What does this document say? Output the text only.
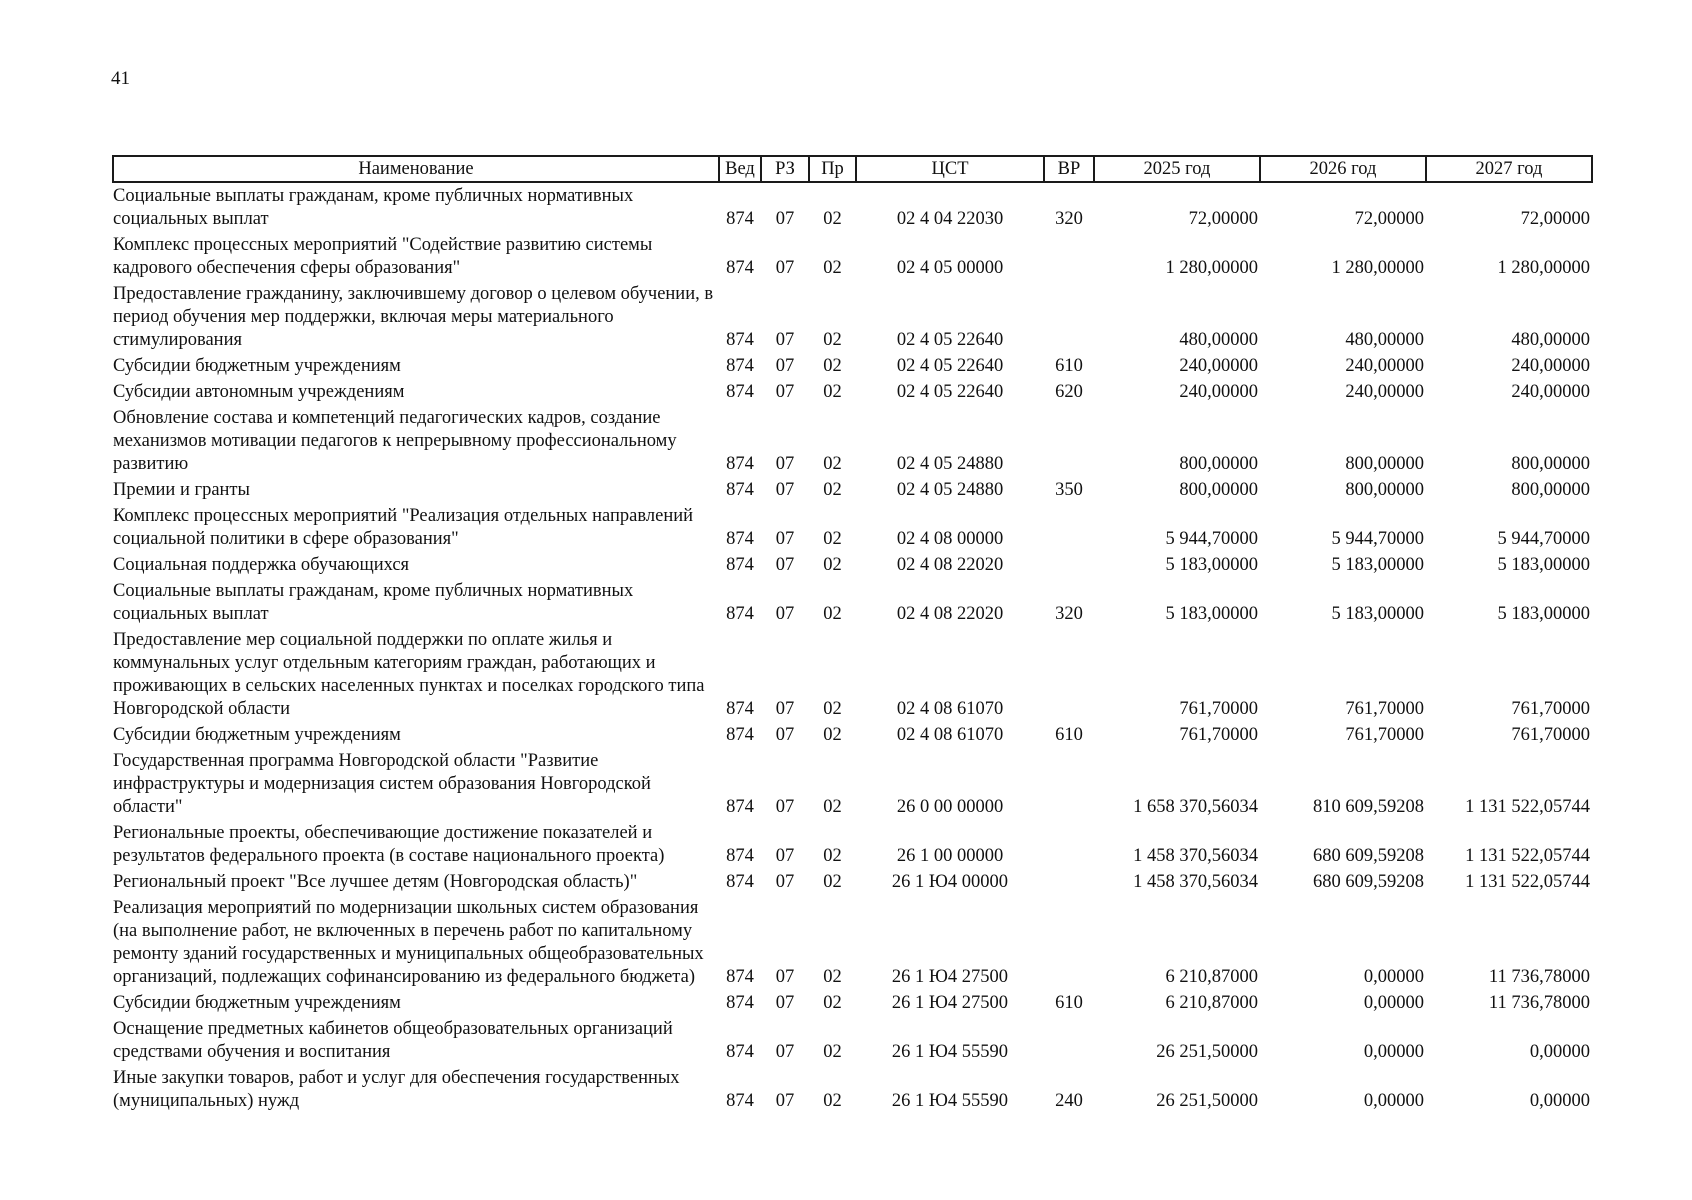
41
Наименование	Вед	РЗ	Пр	ЦСТ	ВР	2025 год	2026 год	2027 год
Социальные выплаты гражданам, кроме публичных нормативных социальных выплат	874	07	02	02 4 04 22030	320	72,00000	72,00000	72,00000
Комплекс процессных мероприятий "Содействие развитию системы кадрового обеспечения сферы образования"	874	07	02	02 4 05 00000		1 280,00000	1 280,00000	1 280,00000
Предоставление гражданину, заключившему договор о целевом обучении, в период обучения мер поддержки, включая меры материального стимулирования	874	07	02	02 4 05 22640		480,00000	480,00000	480,00000
Субсидии бюджетным учреждениям	874	07	02	02 4 05 22640	610	240,00000	240,00000	240,00000
Субсидии автономным учреждениям	874	07	02	02 4 05 22640	620	240,00000	240,00000	240,00000
Обновление состава и компетенций педагогических кадров, создание механизмов мотивации педагогов к непрерывному профессиональному развитию	874	07	02	02 4 05 24880		800,00000	800,00000	800,00000
Премии и гранты	874	07	02	02 4 05 24880	350	800,00000	800,00000	800,00000
Комплекс процессных мероприятий "Реализация отдельных направлений социальной политики в сфере образования"	874	07	02	02 4 08 00000		5 944,70000	5 944,70000	5 944,70000
Социальная поддержка обучающихся	874	07	02	02 4 08 22020		5 183,00000	5 183,00000	5 183,00000
Социальные выплаты гражданам, кроме публичных нормативных социальных выплат	874	07	02	02 4 08 22020	320	5 183,00000	5 183,00000	5 183,00000
Предоставление мер социальной поддержки по оплате жилья и коммунальных услуг отдельным категориям граждан, работающих и проживающих в сельских населенных пунктах и поселках городского типа Новгородской области	874	07	02	02 4 08 61070		761,70000	761,70000	761,70000
Субсидии бюджетным учреждениям	874	07	02	02 4 08 61070	610	761,70000	761,70000	761,70000
Государственная программа Новгородской области "Развитие инфраструктуры и модернизация систем образования Новгородской области"	874	07	02	26 0 00 00000		1 658 370,56034	810 609,59208	1 131 522,05744
Региональные проекты, обеспечивающие достижение показателей и результатов федерального проекта (в составе национального проекта)	874	07	02	26 1 00 00000		1 458 370,56034	680 609,59208	1 131 522,05744
Региональный проект "Все лучшее детям (Новгородская область)"	874	07	02	26 1 Ю4 00000		1 458 370,56034	680 609,59208	1 131 522,05744
Реализация мероприятий по модернизации школьных систем образования (на выполнение работ, не включенных в перечень работ по капитальному ремонту зданий государственных и муниципальных общеобразовательных организаций, подлежащих софинансированию из федерального бюджета)	874	07	02	26 1 Ю4 27500		6 210,87000	0,00000	11 736,78000
Субсидии бюджетным учреждениям	874	07	02	26 1 Ю4 27500	610	6 210,87000	0,00000	11 736,78000
Оснащение предметных кабинетов общеобразовательных организаций средствами обучения и воспитания	874	07	02	26 1 Ю4 55590		26 251,50000	0,00000	0,00000
Иные закупки товаров, работ и услуг для обеспечения государственных (муниципальных) нужд	874	07	02	26 1 Ю4 55590	240	26 251,50000	0,00000	0,00000
